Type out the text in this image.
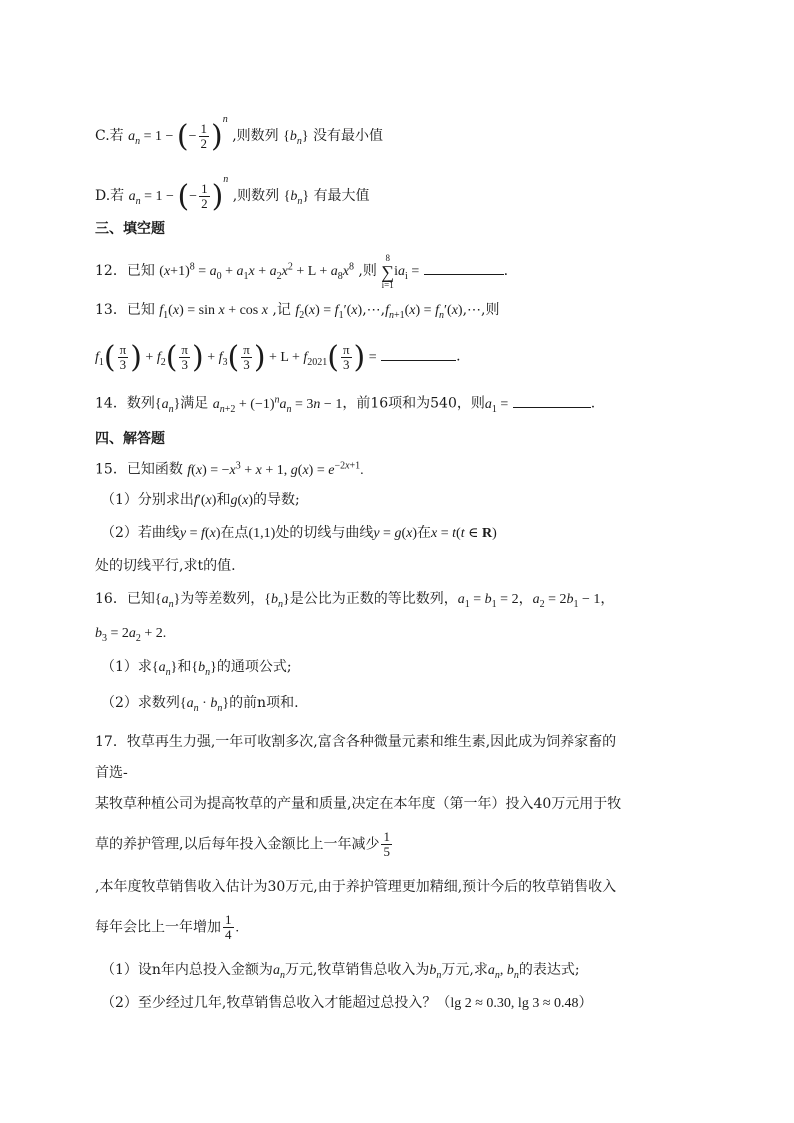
C.若 $a_n = 1$ − (− $\frac{1}{2} )^n$ ,则数列 $\{b_n\}$ 没有最小值
D.若 $a_n = 1$ − (− $\frac{1}{2} )^n$ ,则数列 $\{b_n\}$ 有最大值
三、填空题
12．已知 $(x+1)^8 = a_0 + a_1x + a_2x^2 + L + a_8x^8$ ,则
8
∑
i=1
$ia_i$ =	.
13．已知 $f_1(x) = \sin x + \cos x$ ,记 $f_2(x)$ = $f_1'(x),\cdots,f_{n+1}(x)$ = $f_n'(x),\cdots$,则
$f_1( \frac{\pi}{3}$ ) + $f_2( \frac{\pi}{3}$ ) + $f_3( \frac{\pi}{3}$ ) + $L + f_{2021}( \frac{\pi}{3}$ ) =	.
14．数列$\{a_n\}$满足 $a_{n+2} + (-1)^na_n = 3n - 1$，前16项和为540，则$a_1$ =	.
四、解答题
15．已知函数 $f(x) = -x^3 + x + 1$, $g(x) = e^{-2x+1}$.
（1）分别求出f′(x)和g(x)的导数;
（2）若曲线y = f(x)在点(1,1)处的切线与曲线y = g(x)在x = t(t ∈ R)
处的切线平行,求t的值.
16．已知$\{a_n\}$为等差数列，$\{b_n\}$是公比为正数的等比数列，$a_1 = b_1 = 2$，$a_2 = 2b_1 - 1$，
$b_3 = 2a_2 + 2$.
（1）求$\{a_n\}$和$\{b_n\}$的通项公式;
（2）求数列$\{a_n \cdot b_n\}$的前n项和.
17．牧草再生力强,一年可收割多次,富含各种微量元素和维生素,因此成为饲养家畜的
首选-
某牧草种植公司为提高牧草的产量和质量,决定在本年度（第一年）投入40万元用于牧
草的养护管理,以后每年投入金额比上一年减少 $\frac{1}{5}$
,本年度牧草销售收入估计为30万元,由于养护管理更加精细,预计今后的牧草销售收入
每年会比上一年增加 $\frac{1}{4}$ .
（1）设n年内总投入金额为$a_n$万元,牧草销售总收入为$b_n$万元,求$a_n$, $b_n$的表达式;
（2）至少经过几年,牧草销售总收入才能超过总投入？（lg 2 ≈ 0.30, lg 3 ≈ 0.48）
